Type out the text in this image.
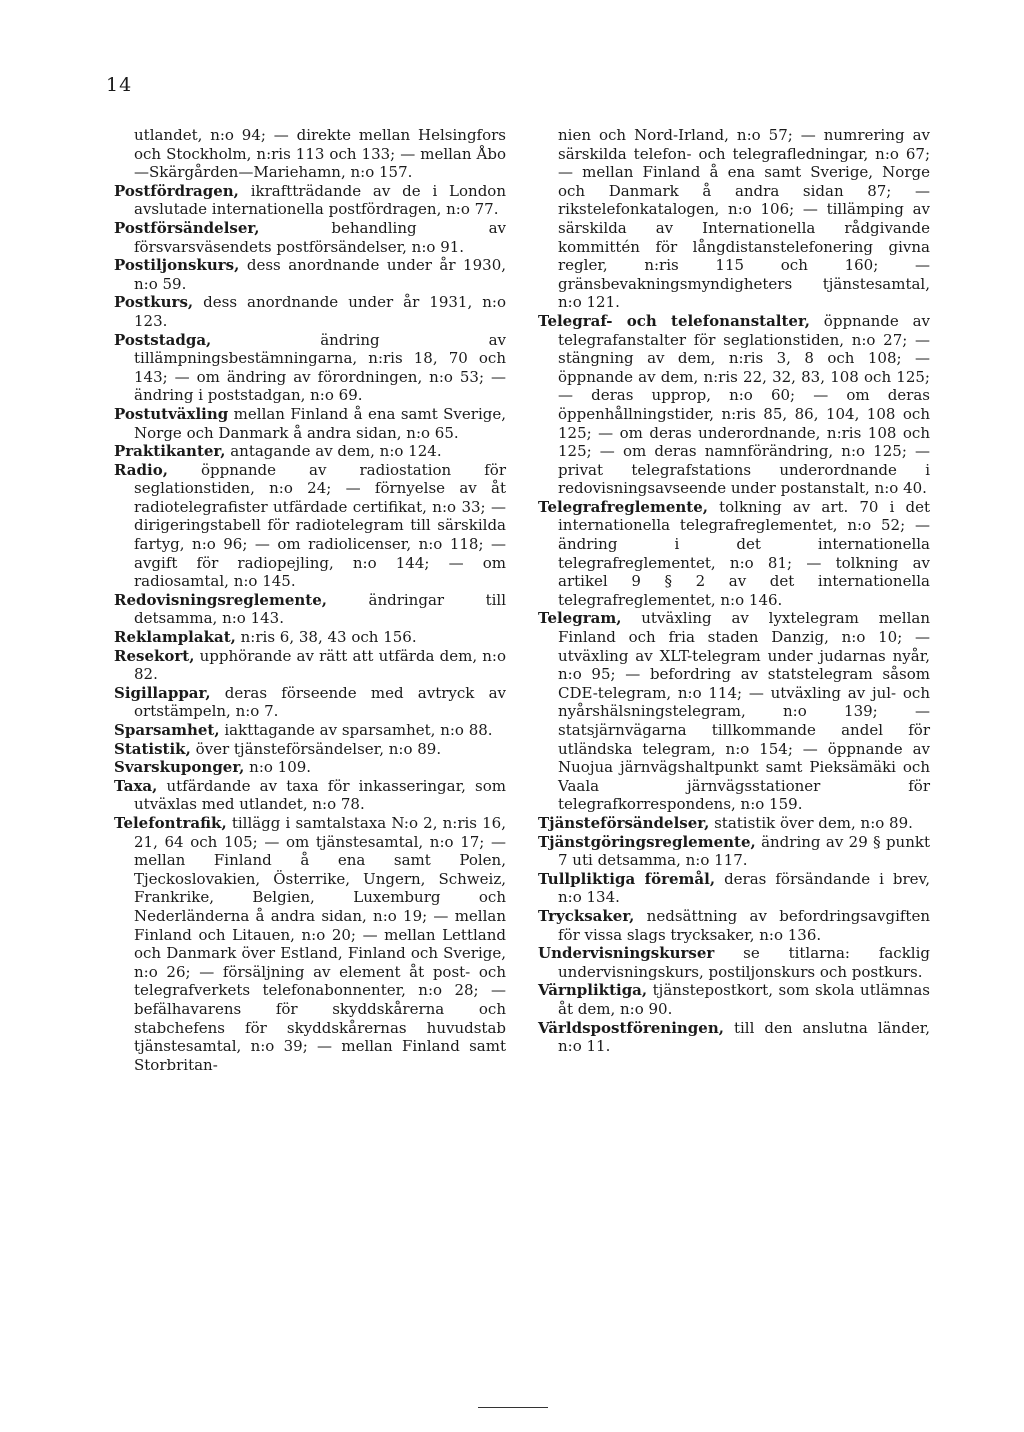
14

utlandet, n:o 94; — direkte mellan Helsingfors och Stockholm, n:ris 113 och 133; — mellan Åbo—Skärgården—Mariehamn, n:o 157.

Postfördragen, ikraftträdande av de i London avslutade internationella postfördragen, n:o 77.

Postförsändelser, behandling av försvarsväsendets postförsändelser, n:o 91.

Postiljonskurs, dess anordnande under år 1930, n:o 59.

Postkurs, dess anordnande under år 1931, n:o 123.

Poststadga, ändring av tillämpningsbestämningarna, n:ris 18, 70 och 143; — om ändring av förordningen, n:o 53; — ändring i poststadgan, n:o 69.

Postutväxling mellan Finland å ena samt Sverige, Norge och Danmark å andra sidan, n:o 65.

Praktikanter, antagande av dem, n:o 124.

Radio, öppnande av radiostation för seglationstiden, n:o 24; — förnyelse av åt radiotelegrafister utfärdade certifikat, n:o 33; — dirigeringstabell för radiotelegram till särskilda fartyg, n:o 96; — om radiolicenser, n:o 118; — avgift för radiopejling, n:o 144; — om radiosamtal, n:o 145.

Redovisningsreglemente, ändringar till detsamma, n:o 143.

Reklamplakat, n:ris 6, 38, 43 och 156.

Resekort, upphörande av rätt att utfärda dem, n:o 82.

Sigillappar, deras förseende med avtryck av ortstämpeln, n:o 7.

Sparsamhet, iakttagande av sparsamhet, n:o 88.

Statistik, över tjänsteförsändelser, n:o 89.

Svarskuponger, n:o 109.

Taxa, utfärdande av taxa för inkasseringar, som utväxlas med utlandet, n:o 78.

Telefontrafik, tillägg i samtalstaxa N:o 2, n:ris 16, 21, 64 och 105; — om tjänstesamtal, n:o 17; — mellan Finland å ena samt Polen, Tjeckoslovakien, Österrike, Ungern, Schweiz, Frankrike, Belgien, Luxemburg och Nederländerna å andra sidan, n:o 19; — mellan Finland och Litauen, n:o 20; — mellan Lettland och Danmark över Estland, Finland och Sverige, n:o 26; — försäljning av element åt post- och telegrafverkets telefonabonnenter, n:o 28; — befälhavarens för skyddskårerna och stabchefens för skyddskårernas huvudstab tjänstesamtal, n:o 39; — mellan Finland samt Storbritan-

nien och Nord-Irland, n:o 57; — numrering av särskilda telefon- och telegrafledningar, n:o 67; — mellan Finland å ena samt Sverige, Norge och Danmark å andra sidan 87; — rikstelefonkatalogen, n:o 106; — tillämping av särskilda av Internationella rådgivande kommittén för långdistanstelefonering givna regler, n:ris 115 och 160; — gränsbevakningsmyndigheters tjänstesamtal, n:o 121.

Telegraf- och telefonanstalter, öppnande av telegrafanstalter för seglationstiden, n:o 27; — stängning av dem, n:ris 3, 8 och 108; — öppnande av dem, n:ris 22, 32, 83, 108 och 125; — deras upprop, n:o 60; — om deras öppenhållningstider, n:ris 85, 86, 104, 108 och 125; — om deras underordnande, n:ris 108 och 125; — om deras namnförändring, n:o 125; — privat telegrafstations underordnande i redovisningsavseende under postanstalt, n:o 40.

Telegrafreglemente, tolkning av art. 70 i det internationella telegrafreglementet, n:o 52; — ändring i det internationella telegrafreglementet, n:o 81; — tolkning av artikel 9 § 2 av det internationella telegrafreglementet, n:o 146.

Telegram, utväxling av lyxtelegram mellan Finland och fria staden Danzig, n:o 10; — utväxling av XLT-telegram under judarnas nyår, n:o 95; — befordring av statstelegram såsom CDE-telegram, n:o 114; — utväxling av jul- och nyårshälsningstelegram, n:o 139; — statsjärnvägarna tillkommande andel för utländska telegram, n:o 154; — öppnande av Nuojua järnvägshaltpunkt samt Pieksämäki och Vaala järnvägsstationer för telegrafkorrespondens, n:o 159.

Tjänsteförsändelser, statistik över dem, n:o 89.

Tjänstgöringsreglemente, ändring av 29 § punkt 7 uti detsamma, n:o 117.

Tullpliktiga föremål, deras försändande i brev, n:o 134.

Trycksaker, nedsättning av befordringsavgiften för vissa slags trycksaker, n:o 136.

Undervisningskurser se titlarna: facklig undervisningskurs, postiljonskurs och postkurs.

Värnpliktiga, tjänstepostkort, som skola utlämnas åt dem, n:o 90.

Världspostföreningen, till den anslutna länder, n:o 11.
